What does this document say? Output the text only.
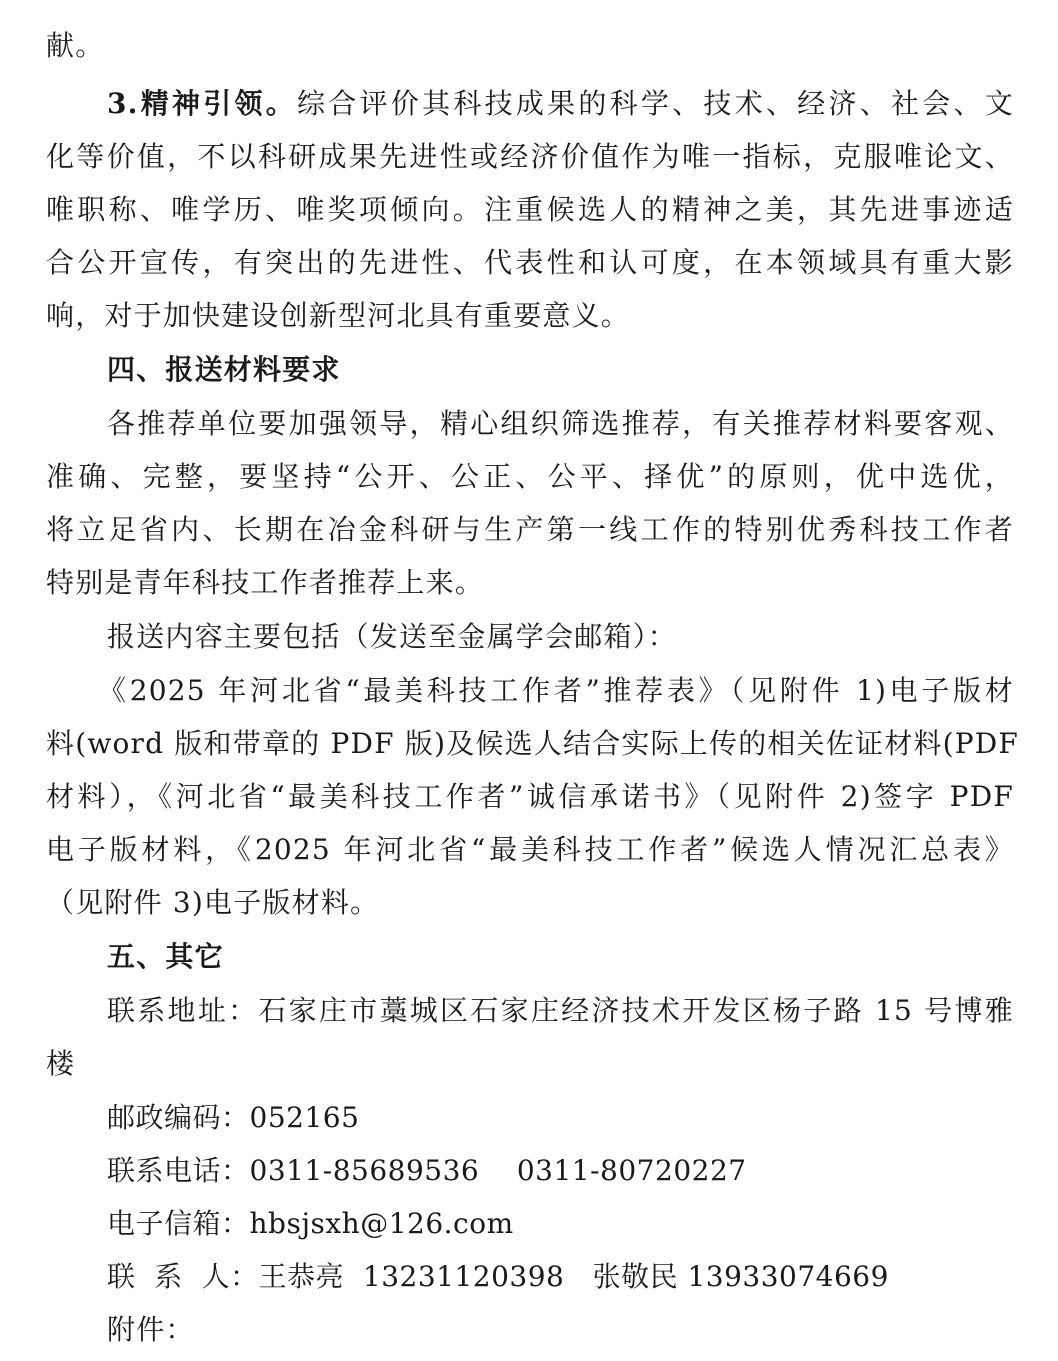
献。
3.精神引领。综合评价其科技成果的科学、技术、经济、社会、文
化等价值，不以科研成果先进性或经济价值作为唯一指标，克服唯论文、
唯职称、唯学历、唯奖项倾向。注重候选人的精神之美，其先进事迹适
合公开宣传，有突出的先进性、代表性和认可度，在本领域具有重大影
响，对于加快建设创新型河北具有重要意义。
四、报送材料要求
各推荐单位要加强领导，精心组织筛选推荐，有关推荐材料要客观、
准确、完整，要坚持“公开、公正、公平、择优”的原则，优中选优，
将立足省内、长期在冶金科研与生产第一线工作的特别优秀科技工作者
特别是青年科技工作者推荐上来。
报送内容主要包括（发送至金属学会邮箱）：
《2025 年河北省“最美科技工作者”推荐表》（见附件 1)电子版材
料(word 版和带章的 PDF 版)及候选人结合实际上传的相关佐证材料(PDF
材料），《河北省“最美科技工作者”诚信承诺书》（见附件 2)签字 PDF
电子版材料，《2025 年河北省“最美科技工作者”候选人情况汇总表》
（见附件 3)电子版材料。
五、其它
联系地址：石家庄市藁城区石家庄经济技术开发区杨子路 15 号博雅
楼
邮政编码：052165
联系电话：0311-85689536    0311-80720227
电子信箱：hbsjsxh@126.com
联  系  人：王恭亮  13231120398   张敬民 13933074669
附件：
